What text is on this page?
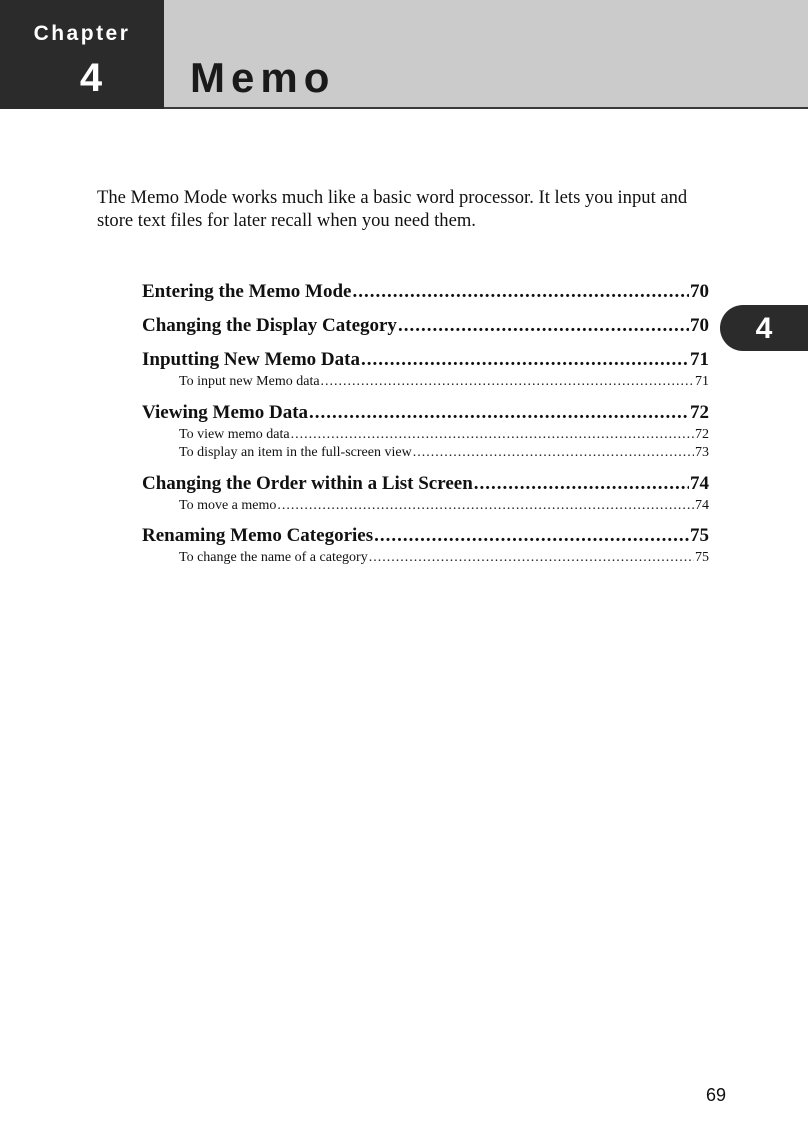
Chapter
4	Memo

The Memo Mode works much like a basic word processor. It lets you input and store text files for later recall when you need them.

Entering the Memo Mode .....	70
Changing the Display Category .....	70
Inputting New Memo Data .....	71
To input new Memo data .....	71
Viewing Memo Data .....	72
To view memo data .....	72
To display an item in the full-screen view .....	73
Changing the Order within a List Screen .....	74
To move a memo .....	74
Renaming Memo Categories .....	75
To change the name of a category .....	75
4
69
